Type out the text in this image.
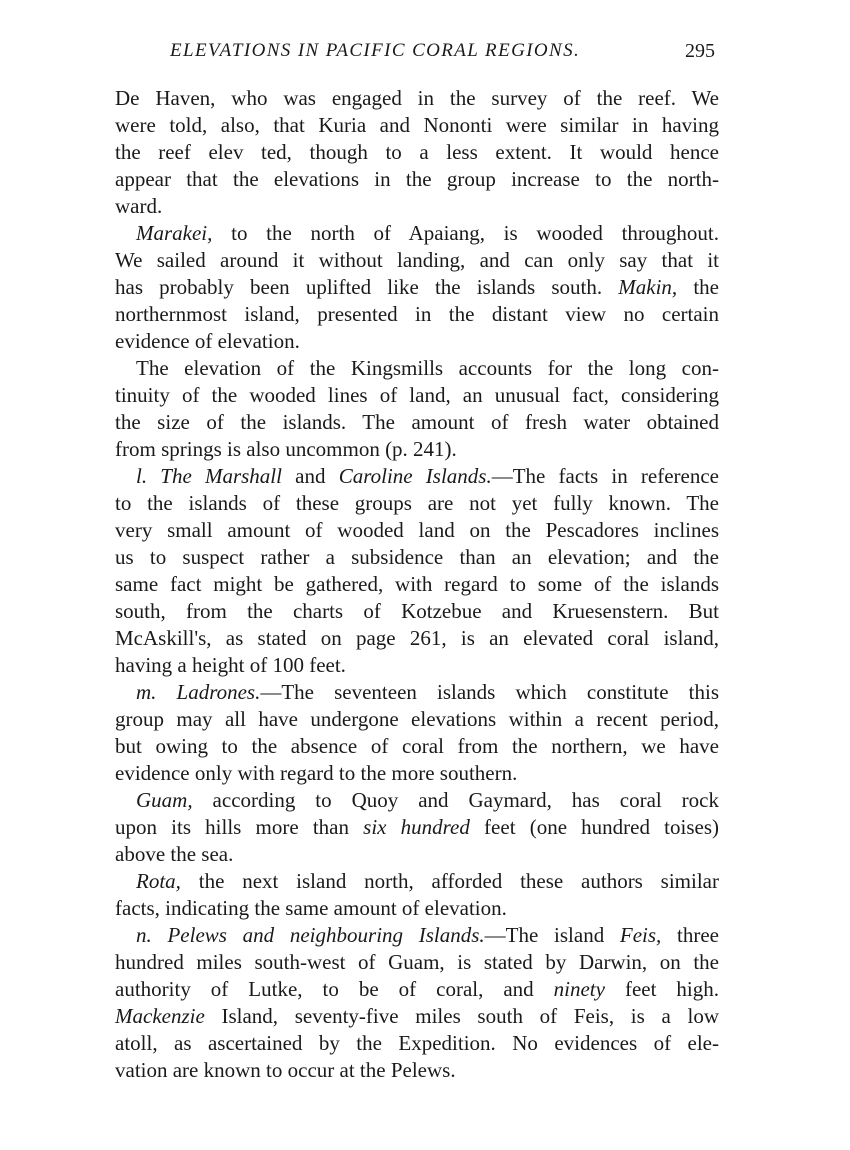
ELEVATIONS IN PACIFIC CORAL REGIONS.	295
De Haven, who was engaged in the survey of the reef. We
were told, also, that Kuria and Nononti were similar in having
the reef elev ted, though to a less extent. It would hence
appear that the elevations in the group increase to the north-
ward.
Marakei, to the north of Apaiang, is wooded throughout.
We sailed around it without landing, and can only say that it
has probably been uplifted like the islands south. Makin, the
northernmost island, presented in the distant view no certain
evidence of elevation.
The elevation of the Kingsmills accounts for the long con-
tinuity of the wooded lines of land, an unusual fact, considering
the size of the islands. The amount of fresh water obtained
from springs is also uncommon (p. 241).
l. The Marshall and Caroline Islands.—The facts in reference
to the islands of these groups are not yet fully known. The
very small amount of wooded land on the Pescadores inclines
us to suspect rather a subsidence than an elevation; and the
same fact might be gathered, with regard to some of the islands
south, from the charts of Kotzebue and Kruesenstern. But
McAskill's, as stated on page 261, is an elevated coral island,
having a height of 100 feet.
m. Ladrones.—The seventeen islands which constitute this
group may all have undergone elevations within a recent period,
but owing to the absence of coral from the northern, we have
evidence only with regard to the more southern.
Guam, according to Quoy and Gaymard, has coral rock
upon its hills more than six hundred feet (one hundred toises)
above the sea.
Rota, the next island north, afforded these authors similar
facts, indicating the same amount of elevation.
n. Pelews and neighbouring Islands.—The island Feis, three
hundred miles south-west of Guam, is stated by Darwin, on the
authority of Lutke, to be of coral, and ninety feet high.
Mackenzie Island, seventy-five miles south of Feis, is a low
atoll, as ascertained by the Expedition. No evidences of ele-
vation are known to occur at the Pelews.
